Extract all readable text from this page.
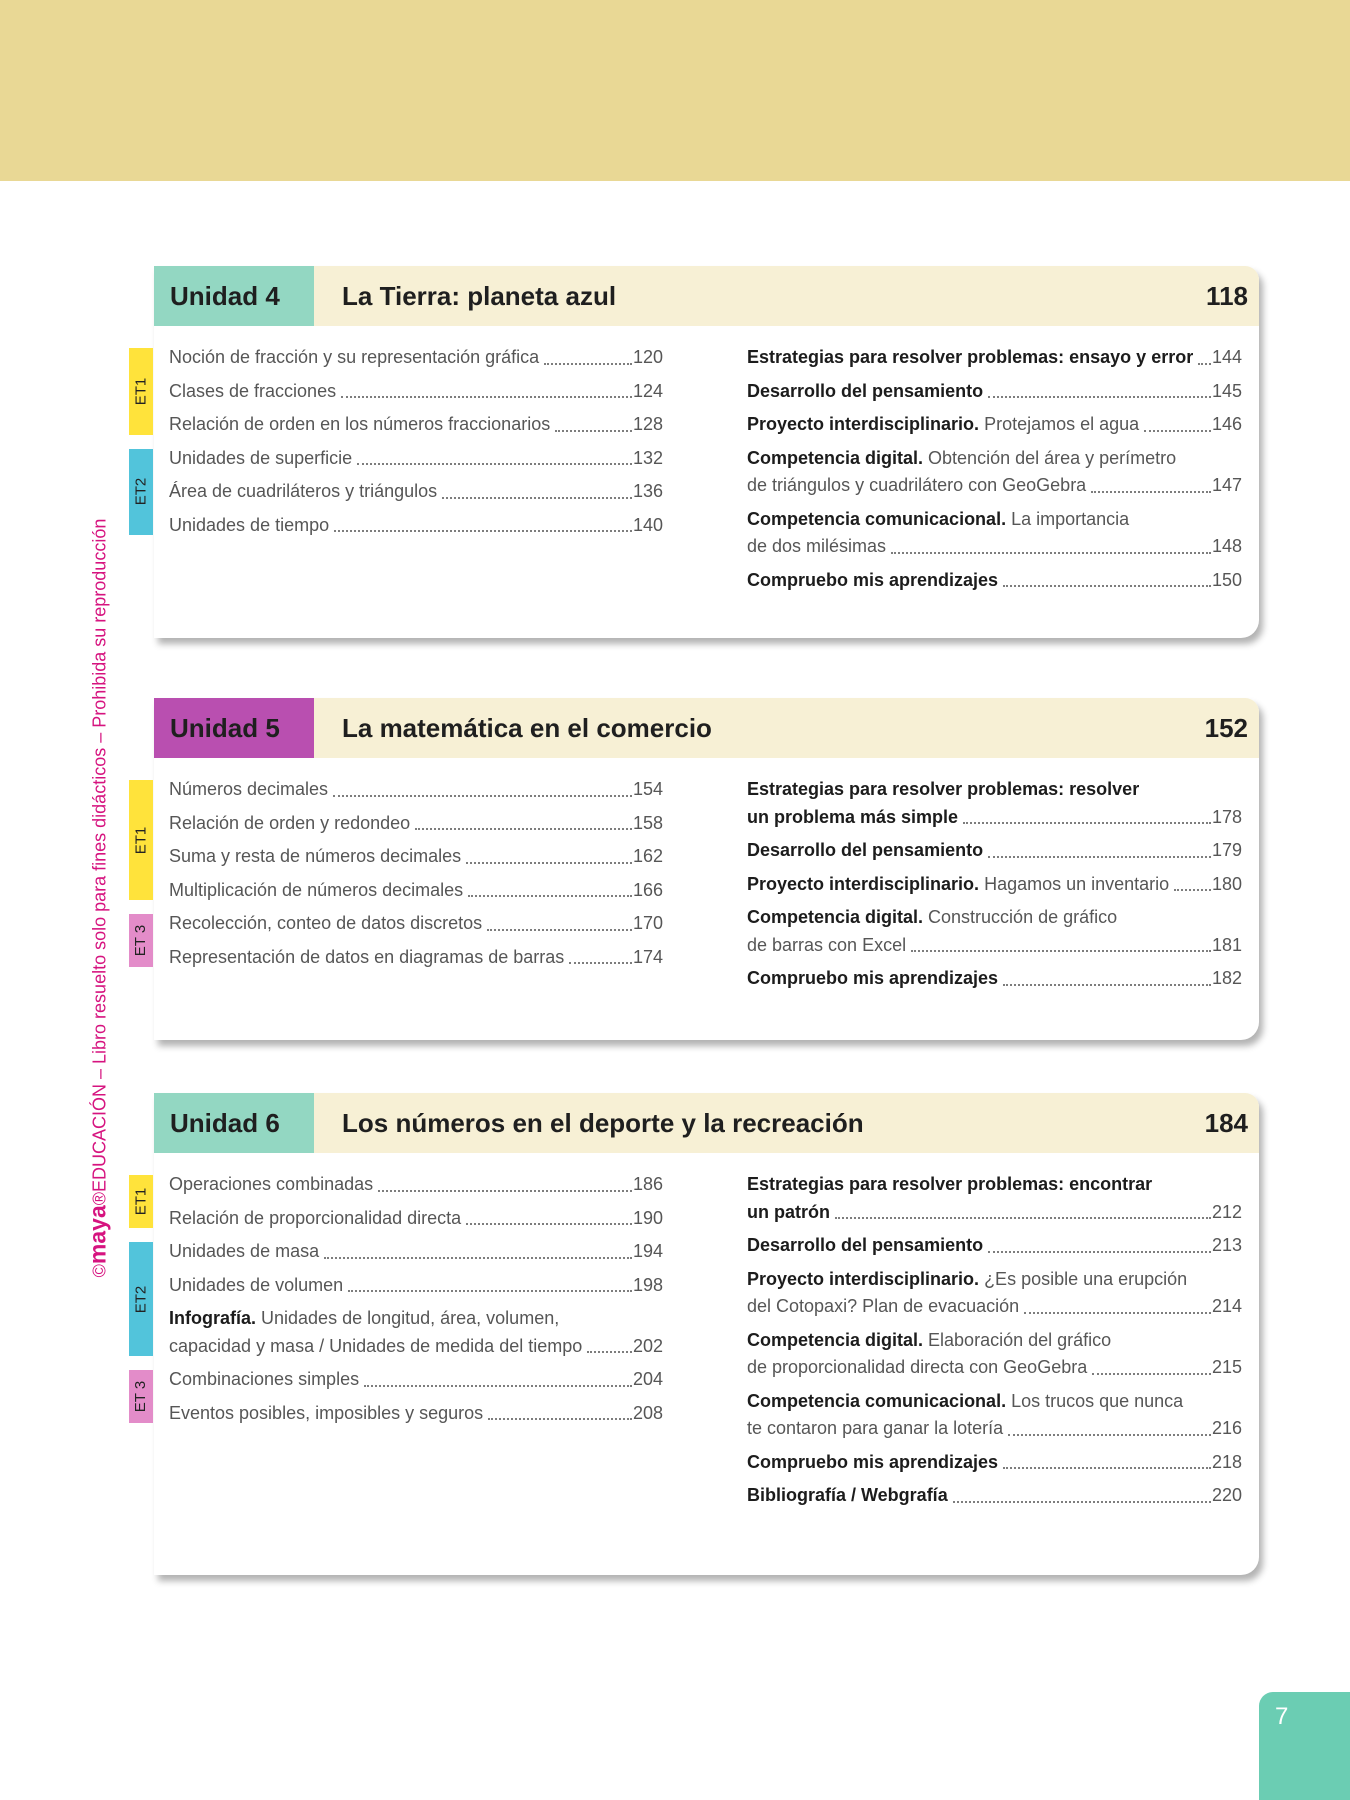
©maya®EDUCACIÓN – Libro resuelto solo para fines didácticos – Prohibida su reproducción
Unidad 4	La Tierra: planeta azul	118
ET1
Noción de fracción y su representación gráfica	120
Clases de fracciones	124
Relación de orden en los números fraccionarios	128
ET2
Unidades de superficie	132
Área de cuadriláteros y triángulos	136
Unidades de tiempo	140
Estrategias para resolver problemas: ensayo y error 144
Desarrollo del pensamiento	145
Proyecto interdisciplinario. Protejamos el agua	146
Competencia digital. Obtención del área y perímetro
de triángulos y cuadrilátero con GeoGebra	147
Competencia comunicacional. La importancia
de dos milésimas	148
Compruebo mis aprendizajes	150
Unidad 5	La matemática en el comercio	152
ET1
Números decimales	154
Relación de orden y redondeo	158
Suma y resta de números decimales	162
Multiplicación de números decimales	166
ET 3
Recolección, conteo de datos discretos	170
Representación de datos en diagramas de barras	174
Estrategias para resolver problemas: resolver
un problema más simple	178
Desarrollo del pensamiento	179
Proyecto interdisciplinario. Hagamos un inventario 180
Competencia digital. Construcción de gráfico
de barras con Excel	181
Compruebo mis aprendizajes	182
Unidad 6	Los números en el deporte y la recreación	184
ET1
Operaciones combinadas	186
Relación de proporcionalidad directa	190
ET2
Unidades de masa	194
Unidades de volumen	198
Infografía. Unidades de longitud, área, volumen,
capacidad y masa / Unidades de medida del tiempo	202
ET 3
Combinaciones simples	204
Eventos posibles, imposibles y seguros	208
Estrategias para resolver problemas: encontrar
un patrón	212
Desarrollo del pensamiento	213
Proyecto interdisciplinario. ¿Es posible una erupción
del Cotopaxi? Plan de evacuación	214
Competencia digital. Elaboración del gráfico
de proporcionalidad directa con GeoGebra	215
Competencia comunicacional. Los trucos que nunca
te contaron para ganar la lotería	216
Compruebo mis aprendizajes	218
Bibliografía / Webgrafía	220
7
